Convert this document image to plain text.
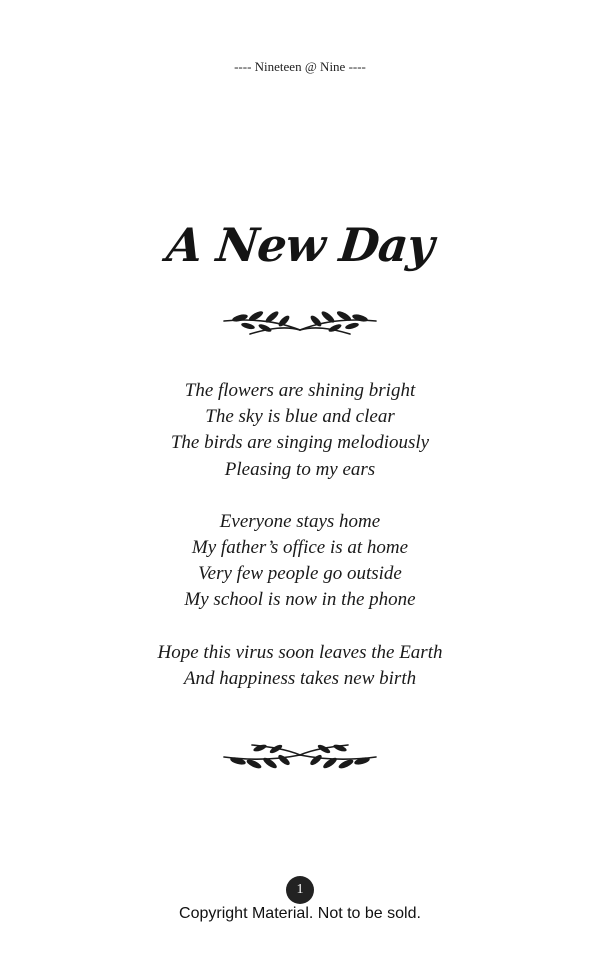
---- Nineteen @ Nine ----
A New Day
The flowers are shining bright
The sky is blue and clear
The birds are singing melodiously
Pleasing to my ears
Everyone stays home
My father’s office is at home
Very few people go outside
My school is now in the phone
Hope this virus soon leaves the Earth
And happiness takes new birth
1
Copyright Material. Not to be sold.
